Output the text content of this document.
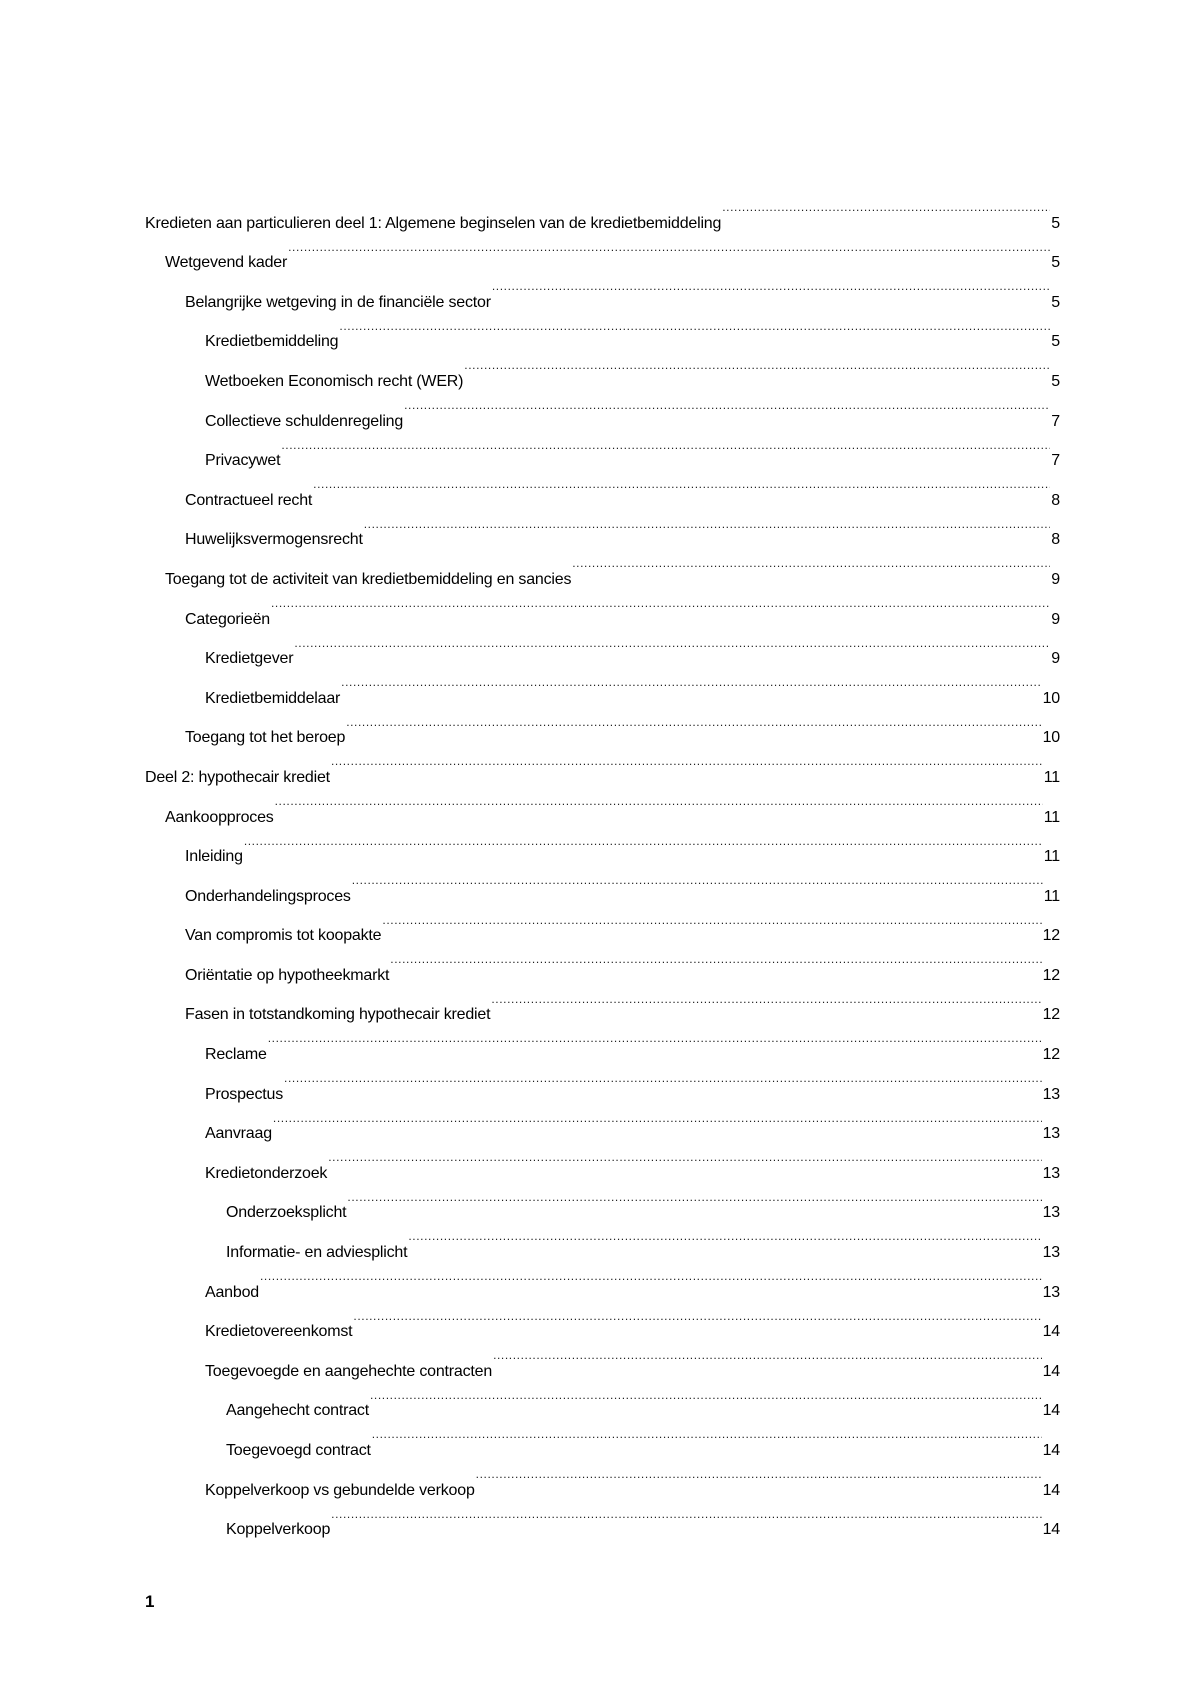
Kredieten aan particulieren deel 1: Algemene beginselen van de kredietbemiddeling .....	5
Wetgevend kader .....	5
Belangrijke wetgeving in de financiële sector .....	5
Kredietbemiddeling .....	5
Wetboeken Economisch recht (WER) .....	5
Collectieve schuldenregeling .....	7
Privacywet .....	7
Contractueel recht .....	8
Huwelijksvermogensrecht .....	8
Toegang tot de activiteit van kredietbemiddeling en sancies .....	9
Categorieën .....	9
Kredietgever .....	9
Kredietbemiddelaar .....	10
Toegang tot het beroep .....	10
Deel 2: hypothecair krediet .....	11
Aankoopproces .....	11
Inleiding .....	11
Onderhandelingsproces .....	11
Van compromis tot koopakte .....	12
Oriëntatie op hypotheekmarkt .....	12
Fasen in totstandkoming hypothecair krediet .....	12
Reclame .....	12
Prospectus .....	13
Aanvraag .....	13
Kredietonderzoek .....	13
Onderzoeksplicht .....	13
Informatie- en adviesplicht .....	13
Aanbod .....	13
Kredietovereenkomst .....	14
Toegevoegde en aangehechte contracten .....	14
Aangehecht contract .....	14
Toegevoegd contract .....	14
Koppelverkoop vs gebundelde verkoop .....	14
Koppelverkoop .....	14
1
